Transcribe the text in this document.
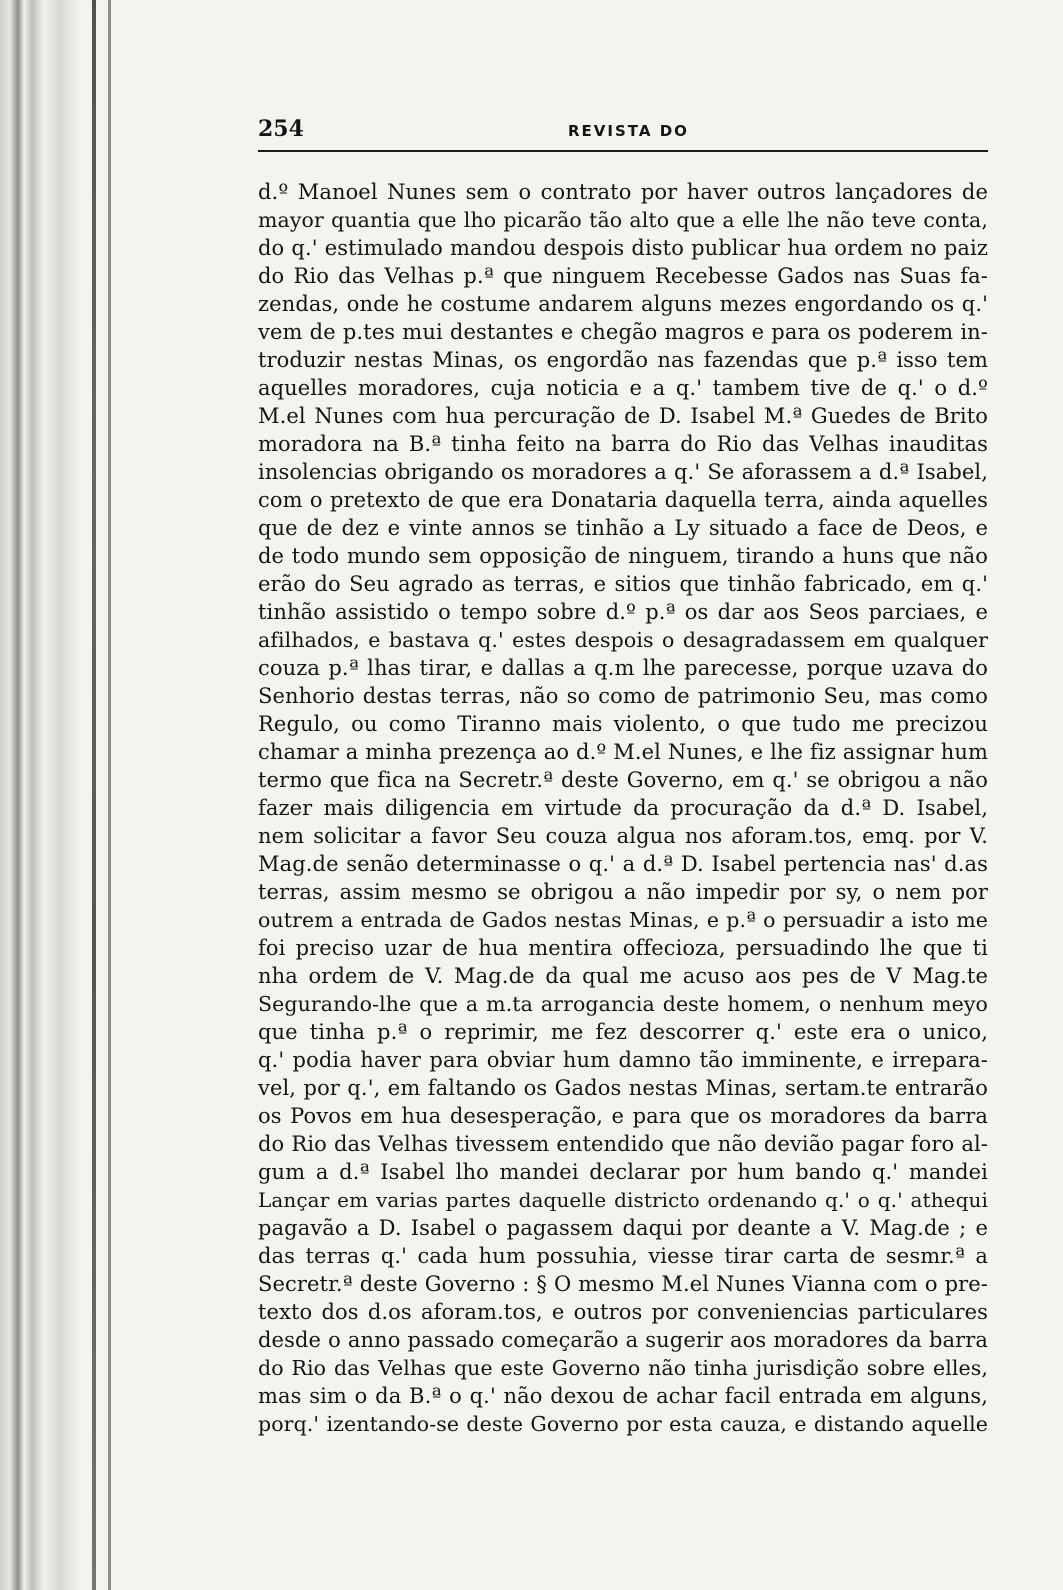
254	REVISTA DO
d.º Manoel Nunes sem o contrato por haver outros lançadores de
mayor quantia que lho picarão tão alto que a elle lhe não teve conta,
do q.' estimulado mandou despois disto publicar hua ordem no paiz
do Rio das Velhas p.ª que ninguem Recebesse Gados nas Suas fa-
zendas, onde he costume andarem alguns mezes engordando os q.'
vem de p.tes mui destantes e chegão magros e para os poderem in-
troduzir nestas Minas, os engordão nas fazendas que p.ª isso tem
aquelles moradores, cuja noticia e a q.' tambem tive de q.' o d.º
M.el Nunes com hua percuração de D. Isabel M.ª Guedes de Brito
moradora na B.ª tinha feito na barra do Rio das Velhas inauditas
insolencias obrigando os moradores a q.' Se aforassem a d.ª Isabel,
com o pretexto de que era Donataria daquella terra, ainda aquelles
que de dez e vinte annos se tinhão a Ly situado a face de Deos, e
de todo mundo sem opposição de ninguem, tirando a huns que não
erão do Seu agrado as terras, e sitios que tinhão fabricado, em q.'
tinhão assistido o tempo sobre d.º p.ª os dar aos Seos parciaes, e
afilhados, e bastava q.' estes despois o desagradassem em qualquer
couza p.ª lhas tirar, e dallas a q.m lhe parecesse, porque uzava do
Senhorio destas terras, não so como de patrimonio Seu, mas como
Regulo, ou como Tiranno mais violento, o que tudo me precizou
chamar a minha prezença ao d.º M.el Nunes, e lhe fiz assignar hum
termo que fica na Secretr.ª deste Governo, em q.' se obrigou a não
fazer mais diligencia em virtude da procuração da d.ª D. Isabel,
nem solicitar a favor Seu couza algua nos aforam.tos, emq. por V.
Mag.de senão determinasse o q.' a d.ª D. Isabel pertencia nas' d.as
terras, assim mesmo se obrigou a não impedir por sy, o nem por
outrem a entrada de Gados nestas Minas, e p.ª o persuadir a isto me
foi preciso uzar de hua mentira offecioza, persuadindo lhe que ti
nha ordem de V. Mag.de da qual me acuso aos pes de V Mag.te
Segurando-lhe que a m.ta arrogancia deste homem, o nenhum meyo
que tinha p.ª o reprimir, me fez descorrer q.' este era o unico,
q.' podia haver para obviar hum damno tão imminente, e irrepara-
vel, por q.', em faltando os Gados nestas Minas, sertam.te entrarão
os Povos em hua desesperação, e para que os moradores da barra
do Rio das Velhas tivessem entendido que não devião pagar foro al-
gum a d.ª Isabel lho mandei declarar por hum bando q.' mandei
Lançar em varias partes daquelle districto ordenando q.' o q.' athequi
pagavão a D. Isabel o pagassem daqui por deante a V. Mag.de ; e
das terras q.' cada hum possuhia, viesse tirar carta de sesmr.ª a
Secretr.ª deste Governo : § O mesmo M.el Nunes Vianna com o pre-
texto dos d.os aforam.tos, e outros por conveniencias particulares
desde o anno passado começarão a sugerir aos moradores da barra
do Rio das Velhas que este Governo não tinha jurisdição sobre elles,
mas sim o da B.ª o q.' não dexou de achar facil entrada em alguns,
porq.' izentando-se deste Governo por esta cauza, e distando aquelle
